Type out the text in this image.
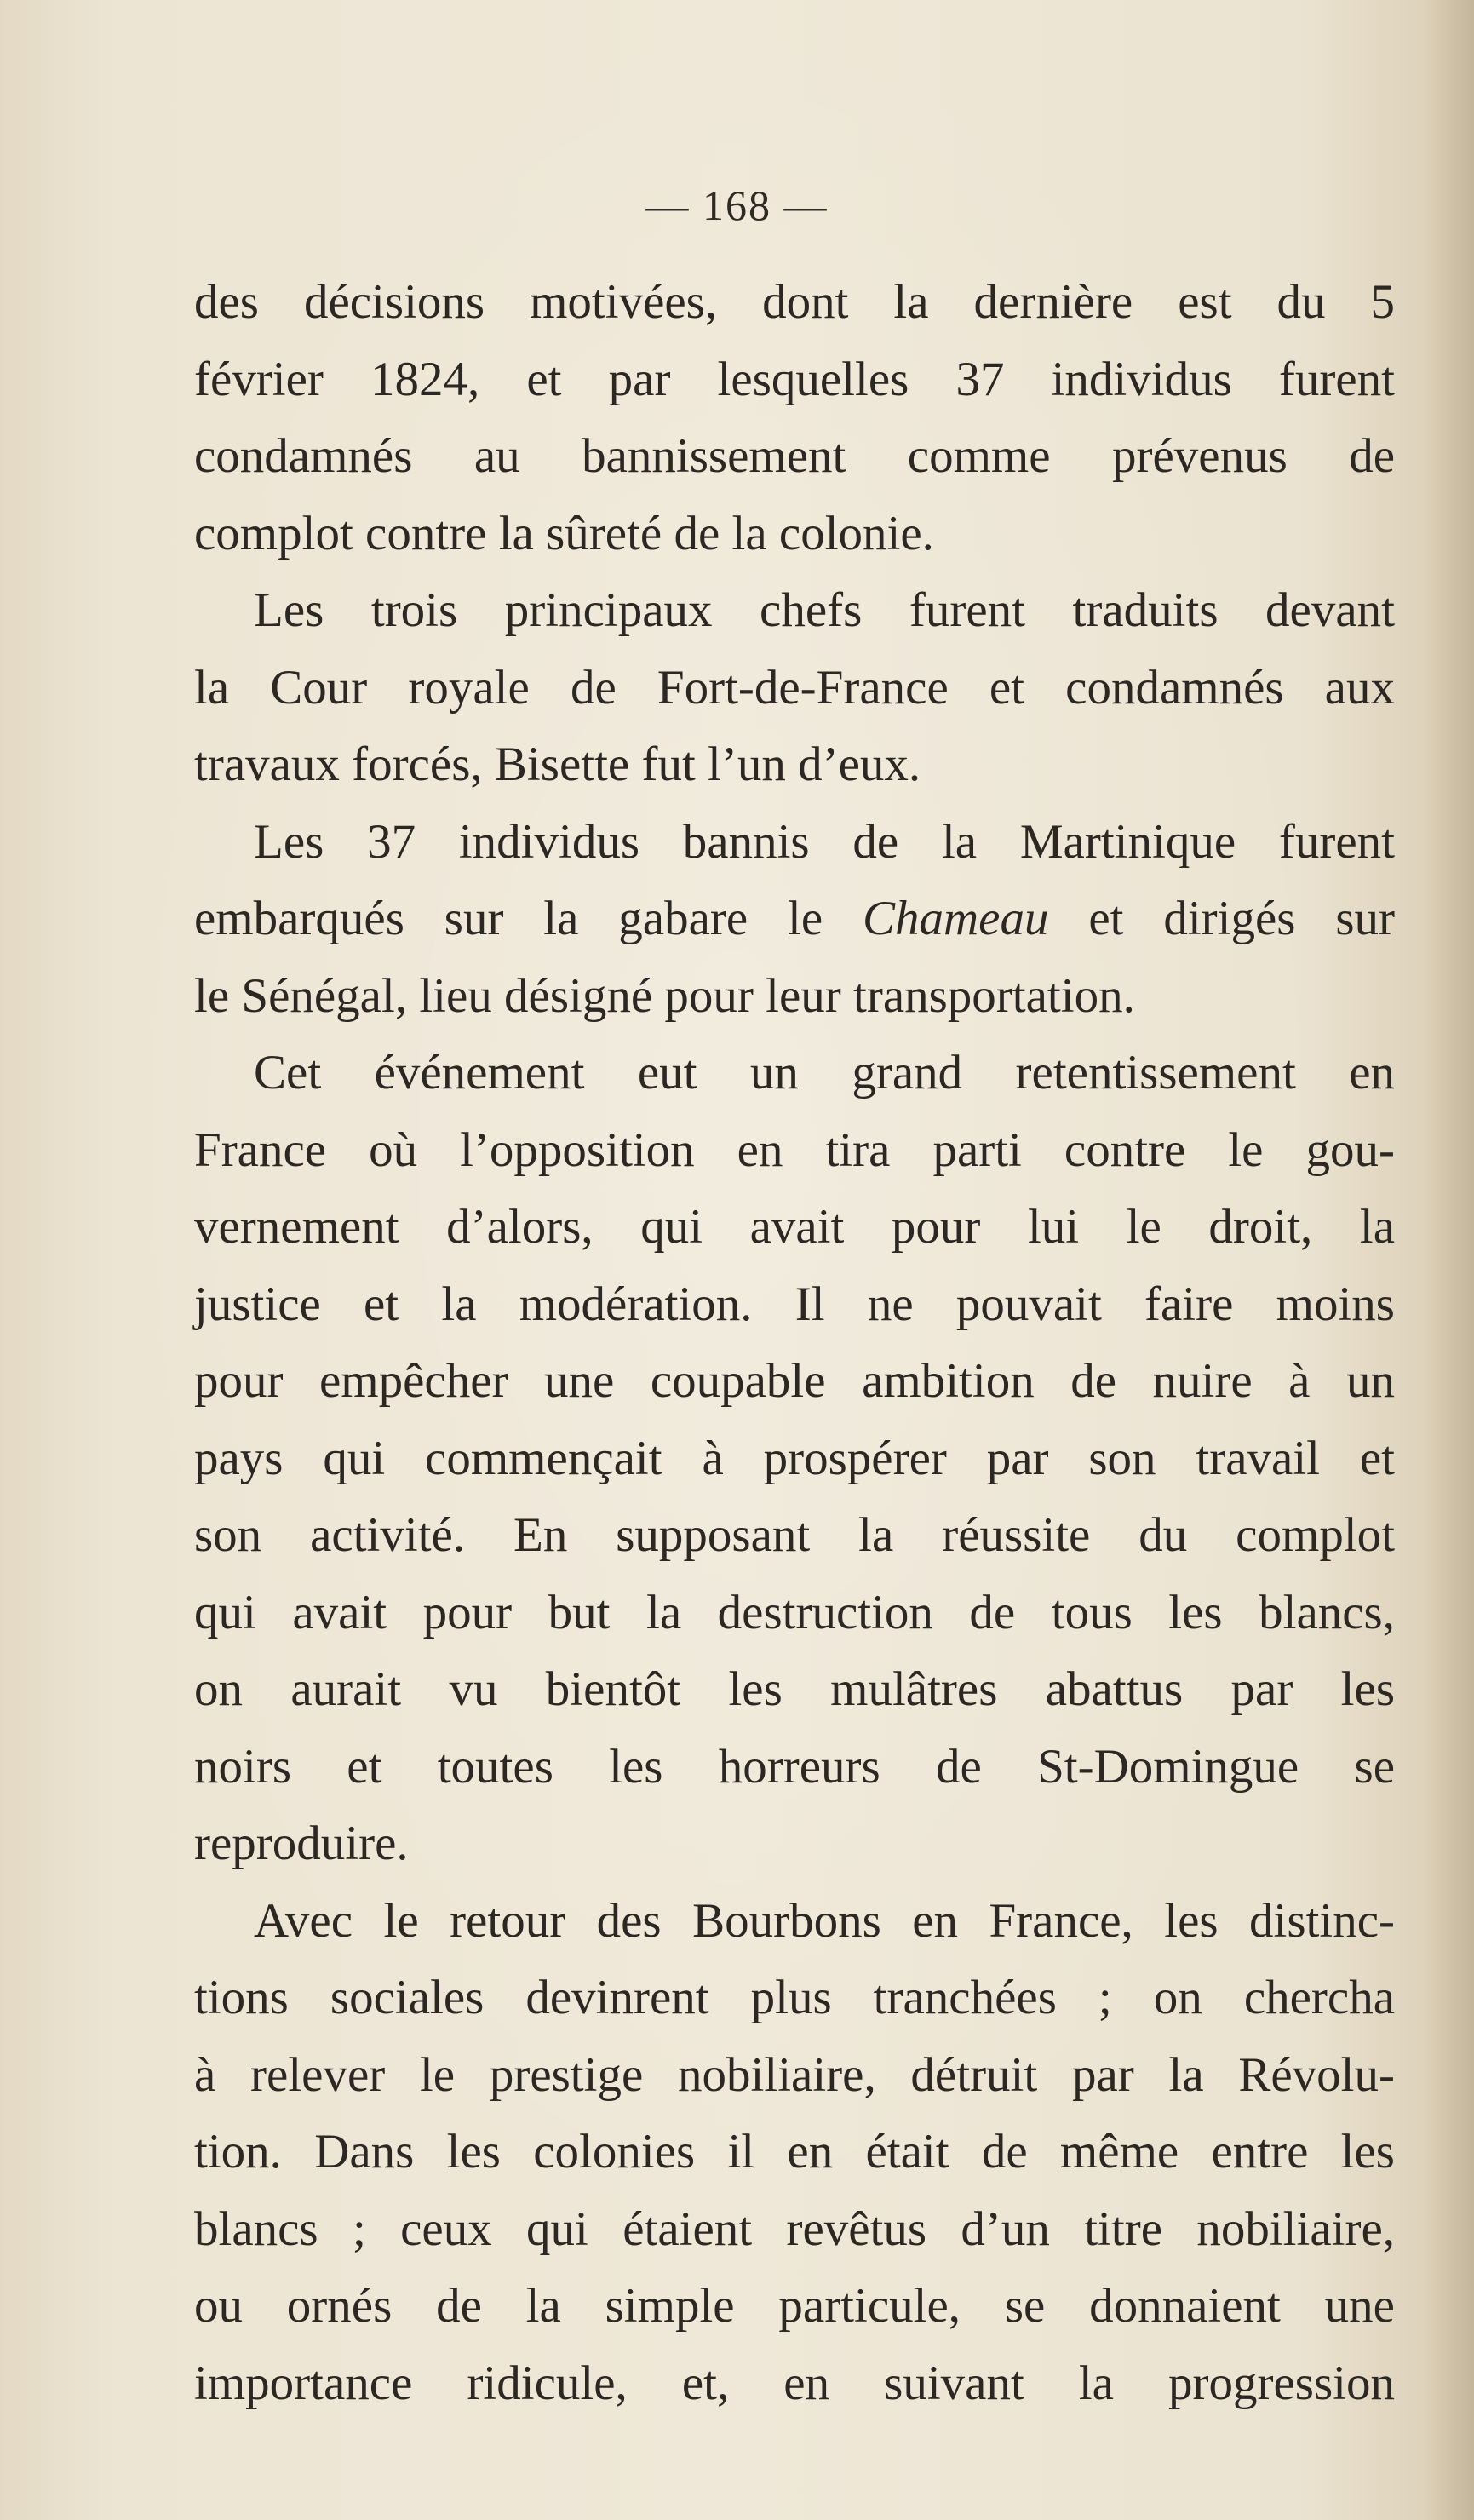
— 168 —
des décisions motivées, dont la dernière est du 5
février 1824, et par lesquelles 37 individus furent
condamnés au bannissement comme prévenus de
complot contre la sûreté de la colonie.
Les trois principaux chefs furent traduits devant
la Cour royale de Fort-de-France et condamnés aux
travaux forcés, Bisette fut l’un d’eux.
Les 37 individus bannis de la Martinique furent
embarqués sur la gabare le Chameau et dirigés sur
le Sénégal, lieu désigné pour leur transportation.
Cet événement eut un grand retentissement en
France où l’opposition en tira parti contre le gou-
vernement d’alors, qui avait pour lui le droit, la
justice et la modération. Il ne pouvait faire moins
pour empêcher une coupable ambition de nuire à un
pays qui commençait à prospérer par son travail et
son activité. En supposant la réussite du complot
qui avait pour but la destruction de tous les blancs,
on aurait vu bientôt les mulâtres abattus par les
noirs et toutes les horreurs de St-Domingue se
reproduire.
Avec le retour des Bourbons en France, les distinc-
tions sociales devinrent plus tranchées ; on chercha
à relever le prestige nobiliaire, détruit par la Révolu-
tion. Dans les colonies il en était de même entre les
blancs ; ceux qui étaient revêtus d’un titre nobiliaire,
ou ornés de la simple particule, se donnaient une
importance ridicule, et, en suivant la progression
